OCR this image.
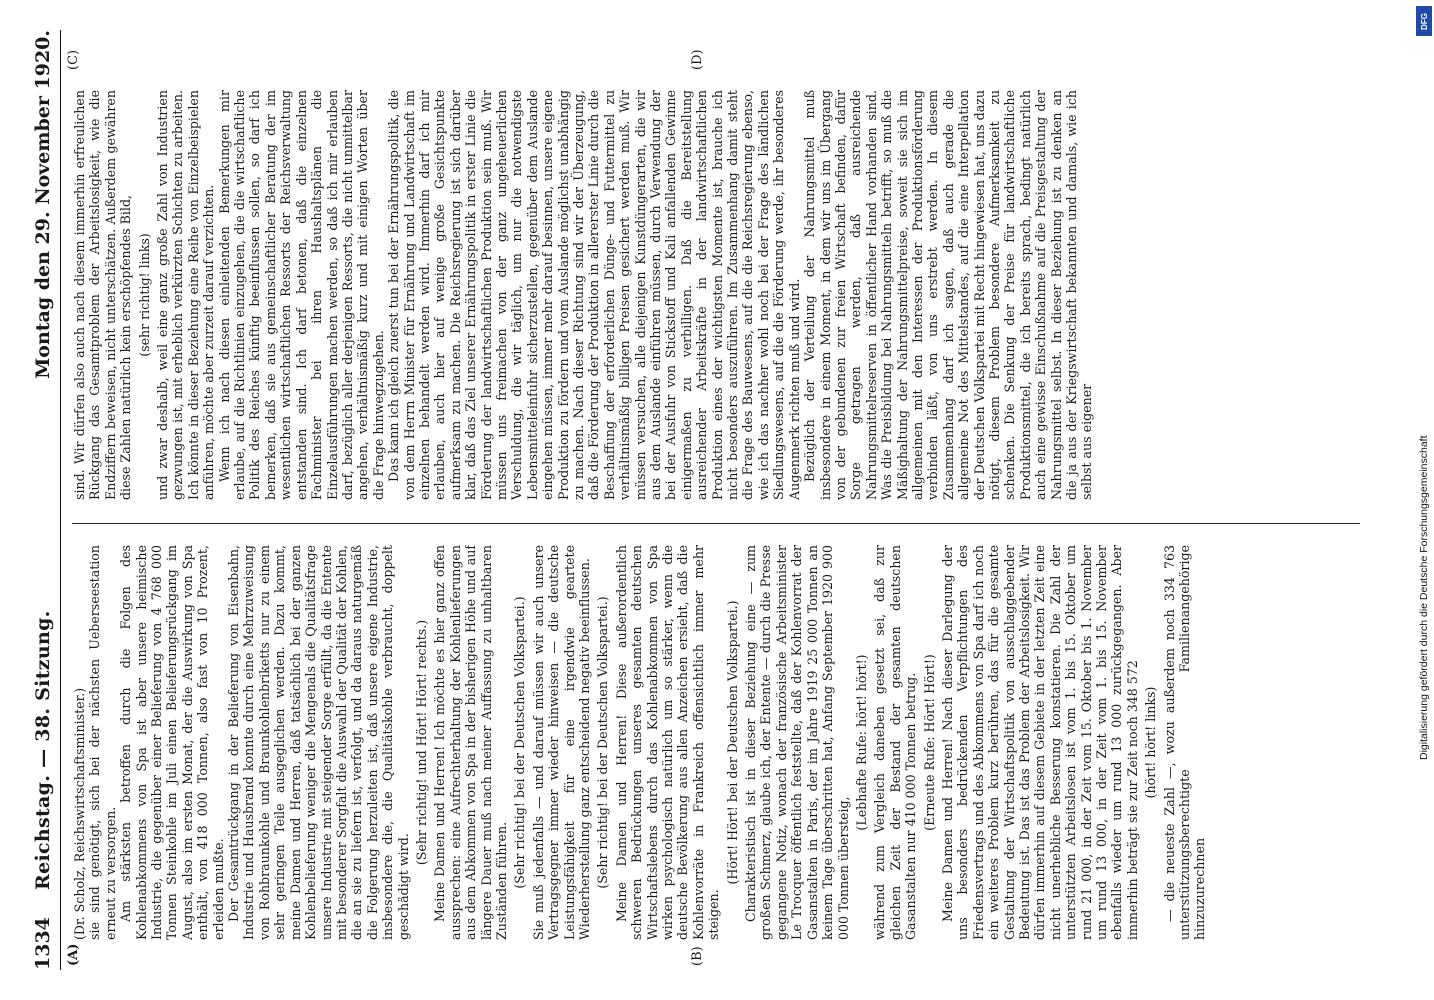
1334
Reichstag. — 38. Sitzung.
Montag den 29. November 1920.
(A)	(B)
(C)	(D)

(Dr. Scholz, Reichswirtschaftsminister.) sie sind genötigt, sich bei der nächsten Ueberseestation erneut zu versorgen. Am stärksten betroffen durch die Folgen des Kohlenabkommens von Spa ist aber unsere heimische Industrie, die gegenüber einer Belieferung von 4 768 000 Tonnen Steinkohle im Juli einen Belieferungsrückgang im August, also im ersten Monat, der die Auswirkung von Spa enthält, von 418 000 Tonnen, also fast von 10 Prozent, erleiden mußte. Der Gesamtrückgang in der Belieferung von Eisenbahn, Industrie und Hausbrand konnte durch eine Mehrzuweisung von Rohbraunkohle und Braunkohlenbriketts nur zu einem sehr geringen Teile ausgeglichen werden. Dazu kommt, meine Damen und Herren, daß tatsächlich bei der ganzen Kohlenbelieferung weniger die Mengenals die Qualitätsfrage unsere Industrie mit steigender Sorge erfüllt, da die Entente mit besonderer Sorgfalt die Auswahl der Qualität der Kohlen, die an sie zu liefern ist, verfolgt, und da daraus naturgemäß die Folgerung herzuleiten ist, daß unsere eigene Industrie, insbesondere die, die Qualitätskohle verbraucht, doppelt geschädigt wird.

(Sehr richtig! und Hört! Hört! rechts.) Meine Damen und Herren! Ich möchte es hier ganz offen aussprechen: eine Aufrechterhaltung der Kohlenlieferungen aus dem Abkommen von Spa in der bisherigen Höhe und auf längere Dauer muß nach meiner Auffassung zu unhaltbaren Zuständen führen. (Sehr richtig! bei der Deutschen Volkspartei.) Sie muß jedenfalls — und darauf müssen wir auch unsere Vertragsgegner immer wieder hinweisen — die deutsche Leistungsfähigkeit für eine irgendwie geartete Wiederherstellung ganz entscheidend negativ beeinflussen. (Sehr richtig! bei der Deutschen Volkspartei.) Meine Damen und Herren! Diese außerordentlich schweren Bedrückungen unseres gesamten deutschen Wirtschaftslebens durch das Kohlenabkommen von Spa wirken psychologisch natürlich um so stärker, wenn die deutsche Bevölkerung aus allen Anzeichen ersieht, daß die Kohlenvorräte in Frankreich offensichtlich immer mehr steigen.

(Hört! Hört! bei der Deutschen Volkspartei.) Charakteristisch ist in dieser Beziehung eine — zum großen Schmerz, glaube ich, der Entente — durch die Presse gegangene Notiz, wonach der französische Arbeitsminister Le Trocquer öffentlich feststellte, daß der Kohlenvorrat der Gasanstalten in Paris, der im Jahre 1919 25 000 Tonnen an keinem Tage überschritten hat, Anfang September 1920 900 000 Tonnen übersteig,

(Lebhafte Rufe: hört! hört!) während zum Vergleich daneben gesetzt sei, daß zur gleichen Zeit der Bestand der gesamten deutschen Gasanstalten nur 410 000 Tonnen betrug. (Erneute Rufe: Hört! Hört!) Meine Damen und Herren! Nach dieser Darlegung der uns besonders bedrückenden Verpflichtungen des Friedensvertrags und des Abkommens von Spa darf ich noch ein weiteres Problem kurz berühren, das für die gesamte Gestaltung der Wirtschaftspolitik von ausschlaggebender Bedeutung ist. Das ist das Problem der Arbeitslosigkeit. Wir dürfen immerhin auf diesem Gebiete in der letzten Zeit eine nicht unerhebliche Besserung konstatieren. Die Zahl der unterstützten Arbeitslosen ist vom 1. bis 15. Oktober um rund 21 000, in der Zeit vom 15. Oktober bis 1. November um rund 13 000, in der Zeit vom 1. bis 15. November ebenfalls wieder um rund 13 000 zurückgegangen. Aber immerhin beträgt sie zur Zeit noch 348 572 (hört! hört! links) — die neueste Zahl —, wozu außerdem noch 334 763 unterstützungsberechtigte Familienangehörige hinzuzurechnen

sind. Wir dürfen also auch nach diesem immerhin erfreulichen Rückgang das Gesamtproblem der Arbeitslosigkeit, wie die Endziffern beweisen, nicht unterschätzen. Außerdem gewähren diese Zahlen natürlich kein erschöpfendes Bild, (sehr richtig! links) und zwar deshalb, weil eine ganz große Zahl von Industrien gezwungen ist, mit erheblich verkürzten Schichten zu arbeiten. Ich könnte in dieser Beziehung eine Reihe von Einzelbeispielen anführen, möchte aber zurzeit darauf verzichten. Wenn ich nach diesen einleitenden Bemerkungen mir erlaube, auf die Richtlinien einzugehen, die die wirtschaftliche Politik des Reiches künftig beeinflussen sollen, so darf ich bemerken, daß sie aus gemeinschaftlicher Beratung der im wesentlichen wirtschaftlichen Ressorts der Reichsverwaltung entstanden sind. Ich darf betonen, daß die einzelnen Fachminister bei ihren Haushaltsplänen die Einzelausführungen machen werden, so daß ich mir erlauben darf, bezüglich aller derjenigen Ressorts, die nicht unmittelbar angehen, verhältnismäßig kurz und mit einigen Worten über die Frage hinwegzugehen. Das kann ich gleich zuerst tun bei der Ernährungspolitik, die von dem Herrn Minister für Ernährung und Landwirtschaft im einzelnen behandelt werden wird. Immerhin darf ich mir erlauben, auch hier auf wenige große Gesichtspunkte aufmerksam zu machen. Die Reichsregierung ist sich darüber klar, daß das Ziel unserer Ernährungspolitik in erster Linie die Förderung der landwirtschaftlichen Produktion sein muß. Wir müssen uns freimachen von der ganz ungeheuerlichen Verschuldung, die wir täglich, um nur die notwendigste Lebensmitteleinfuhr sicherzustellen, gegenüber dem Auslande eingehen müssen, immer mehr darauf besinnen, unsere eigene Produktion zu fördern und vom Auslande möglichst unabhängig zu machen. Nach dieser Richtung sind wir der Überzeugung, daß die Förderung der Produktion in allererster Linie durch die Beschaffung der erforderlichen Dünge- und Futtermittel zu verhältnismäßig billigen Preisen gesichert werden muß. Wir müssen versuchen, alle diejenigen Kunstdüngerarten, die wir aus dem Auslande einführen müssen, durch Verwendung der bei der Ausfuhr von Stickstoff und Kali anfallenden Gewinne einigermaßen zu verbilligen. Daß die Bereitstellung ausreichender Arbeitskräfte in der landwirtschaftlichen Produktion eines der wichtigsten Momente ist, brauche ich nicht besonders auszuführen. Im Zusammenhang damit steht die Frage des Bauwesens, auf die die Reichsregierung ebenso, wie ich das nachher wohl noch bei der Frage des ländlichen Siedlungswesens, auf die die Förderung werde, ihr besonderes Augenmerk richten muß und wird. Bezüglich der Verteilung der Nahrungsmittel muß insbesondere in einem Moment, in dem wir uns im Übergang von der gebundenen zur freien Wirtschaft befinden, dafür Sorge getragen werden, daß ausreichende Nahrungsmittelreserven in öffentlicher Hand vorhanden sind. Was die Preisbildung bei Nahrungsmitteln betrifft, so muß die Mäßighaltung der Nahrungsmittelpreise, soweit sie sich im allgemeinen mit den Interessen der Produktionsförderung verbinden läßt, von uns erstrebt werden. In diesem Zusammenhang darf ich sagen, daß auch gerade die allgemeine Not des Mittelstandes, auf die eine Interpellation der Deutschen Volkspartei mit Recht hingewiesen hat, uns dazu nötigt, diesem Problem besondere Aufmerksamkeit zu schenken. Die Senkung der Preise für landwirtschaftliche Produktionsmittel, die ich bereits sprach, bedingt natürlich auch eine gewisse Einschußnahme auf die Preisgestaltung der Nahrungsmittel selbst. In dieser Beziehung ist zu denken an die ja aus der Kriegswirtschaft bekannten und damals, wie ich selbst aus eigener

DFG
Digitalisierung gefördert durch die Deutsche Forschungsgemeinschaft
